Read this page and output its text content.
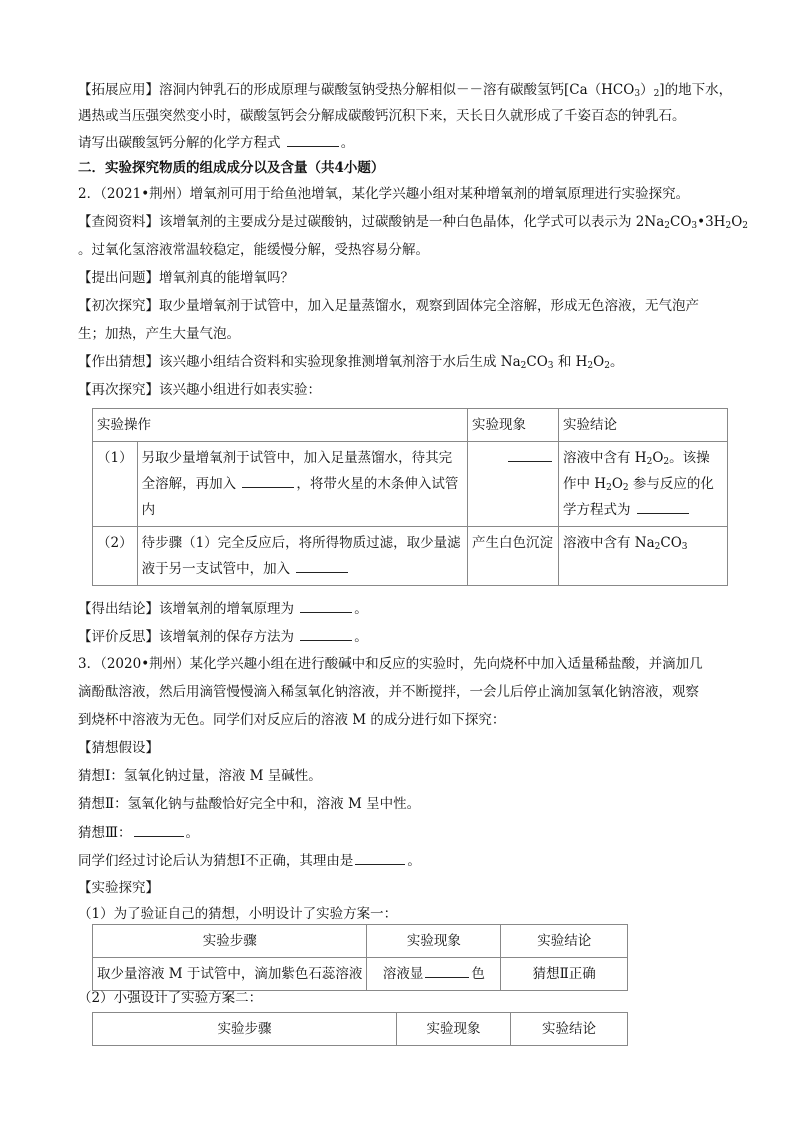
【拓展应用】溶洞内钟乳石的形成原理与碳酸氢钠受热分解相似－－溶有碳酸氢钙$[Ca(HCO_3)_2]$的地下水，
遇热或当压强突然变小时，碳酸氢钙会分解成碳酸钙沉积下来，天长日久就形成了千姿百态的钟乳石。
请写出碳酸氢钙分解的化学方程式	。
二．实验探究物质的组成成分以及含量（共4小题）
2．（2021•荆州）增氧剂可用于给鱼池增氧，某化学兴趣小组对某种增氧剂的增氧原理进行实验探究。
【查阅资料】该增氧剂的主要成分是过碳酸钠，过碳酸钠是一种白色晶体，化学式可以表示为 $2Na_2CO_3•3H_2O_2$
。过氧化氢溶液常温较稳定，能缓慢分解，受热容易分解。
【提出问题】增氧剂真的能增氧吗？
【初次探究】取少量增氧剂于试管中，加入足量蒸馏水，观察到固体完全溶解，形成无色溶液，无气泡产
生；加热，产生大量气泡。
【作出猜想】该兴趣小组结合资料和实验现象推测增氧剂溶于水后生成 $Na_2CO_3$ 和 $H_2O_2$。
【再次探究】该兴趣小组进行如表实验：
实验操作		实验现象	实验结论
（1）	另取少量增氧剂于试管中，加入足量蒸馏水，待其完全溶解，再加入 ，将带火星的木条伸入试管内		溶液中含有 $H_2O_2$。该操作中 $H_2O_2$ 参与反应的化学方程式为
（2）	待步骤（1）完全反应后，将所得物质过滤，取少量滤液于另一支试管中，加入	产生白色沉淀	溶液中含有 $Na_2CO_3$
【得出结论】该增氧剂的增氧原理为	。
【评价反思】该增氧剂的保存方法为	。
3．（2020•荆州）某化学兴趣小组在进行酸碱中和反应的实验时，先向烧杯中加入适量稀盐酸，并滴加几
滴酚酞溶液，然后用滴管慢慢滴入稀氢氧化钠溶液，并不断搅拌，一会儿后停止滴加氢氧化钠溶液，观察
到烧杯中溶液为无色。同学们对反应后的溶液 M 的成分进行如下探究：
【猜想假设】
猜想Ⅰ：氢氧化钠过量，溶液 M 呈碱性。
猜想Ⅱ：氢氧化钠与盐酸恰好完全中和，溶液 M 呈中性。
猜想Ⅲ：	。
同学们经过讨论后认为猜想Ⅰ不正确，其理由是	。
【实验探究】
（1）为了验证自己的猜想，小明设计了实验方案一：
实验步骤	实验现象	实验结论
取少量溶液 M 于试管中，滴加紫色石蕊溶液	溶液显 色	猜想Ⅱ正确
（2）小强设计了实验方案二：
实验步骤	实验现象	实验结论
